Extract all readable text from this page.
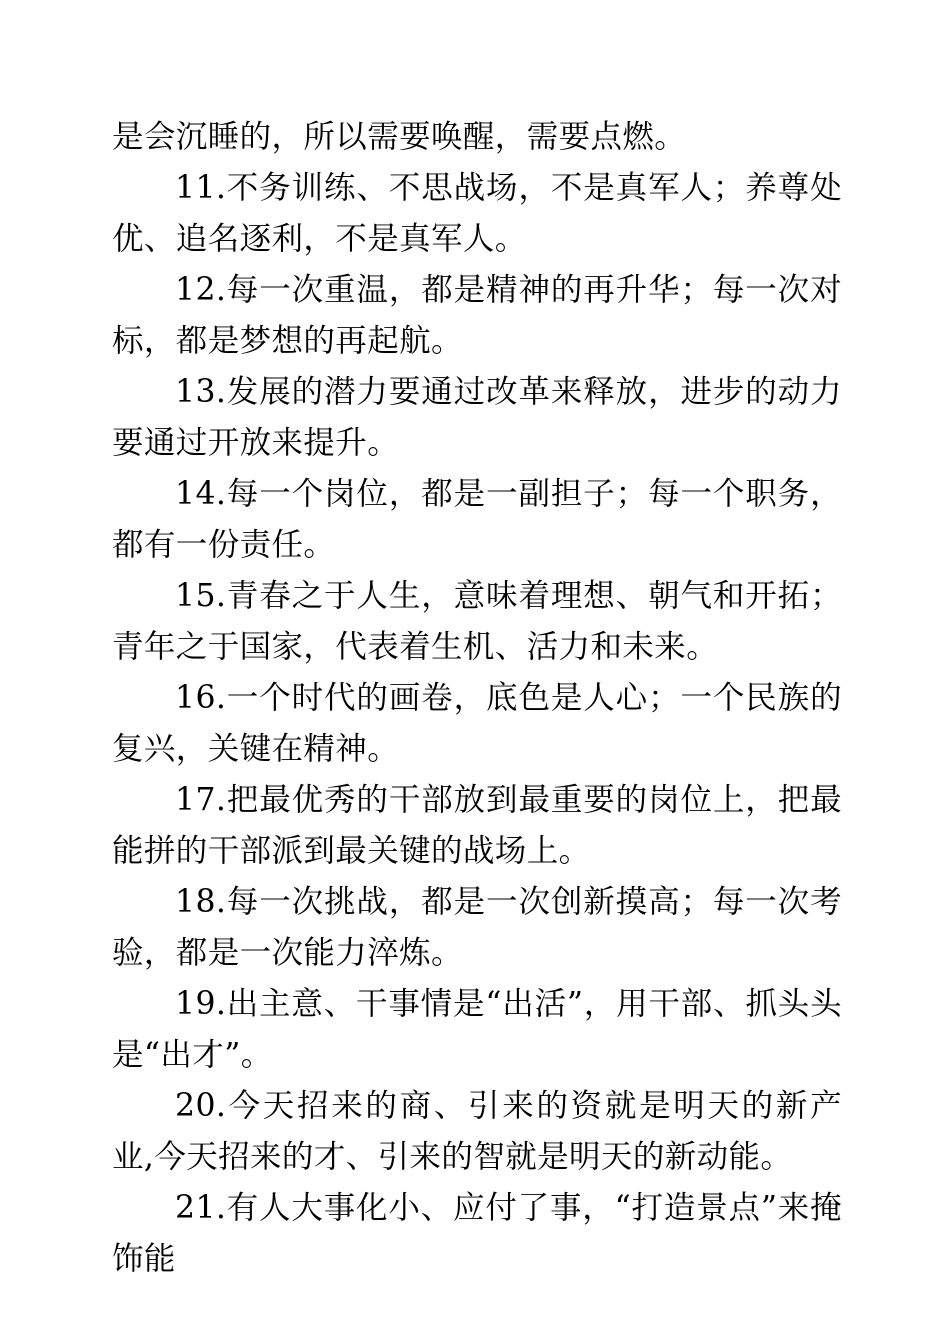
是会沉睡的，所以需要唤醒，需要点燃。

11.不务训练、不思战场，不是真军人；养尊处优、追名逐利，不是真军人。

12.每一次重温，都是精神的再升华；每一次对标，都是梦想的再起航。

13.发展的潜力要通过改革来释放，进步的动力要通过开放来提升。

14.每一个岗位，都是一副担子；每一个职务，都有一份责任。

15.青春之于人生，意味着理想、朝气和开拓；青年之于国家，代表着生机、活力和未来。

16.一个时代的画卷，底色是人心；一个民族的复兴，关键在精神。

17.把最优秀的干部放到最重要的岗位上，把最能拼的干部派到最关键的战场上。

18.每一次挑战，都是一次创新摸高；每一次考验，都是一次能力淬炼。

19.出主意、干事情是“出活”，用干部、抓头头是“出才”。

20.今天招来的商、引来的资就是明天的新产业,今天招来的才、引来的智就是明天的新动能。

21.有人大事化小、应付了事，“打造景点”来掩饰能
